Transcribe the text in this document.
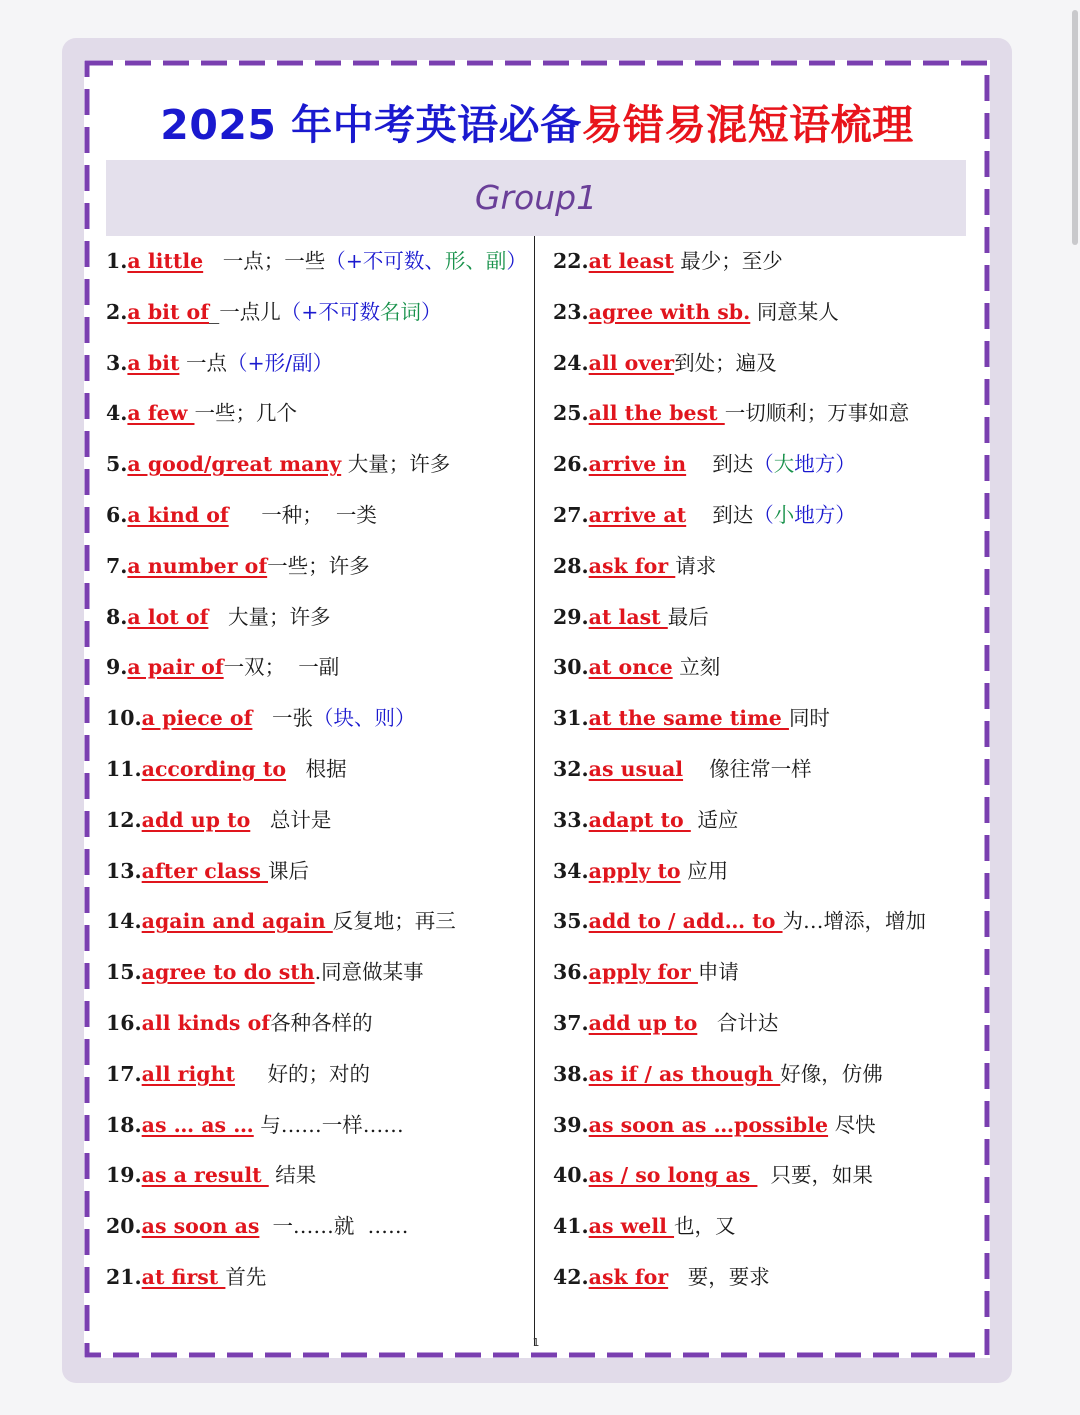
2025 年中考英语必备易错易混短语梳理
Group1
1.a little 一点；一些（+不可数、形、副）
2.a bit of_一点儿（+不可数名词）
3.a bit 一点（+形/副）
4.a few 一些；几个
5.a good/great many 大量；许多
6.a kind of 一种；  一类
7.a number of一些；许多
8.a lot of 大量；许多
9.a pair of一双；  一副
10.a piece of 一张（块、则）
11.according to 根据
12.add up to 总计是
13.after class 课后
14.again and again 反复地；再三
15.agree to do sth.同意做某事
16.all kinds of各种各样的
17.all right 好的；对的
18.as … as … 与……一样……
19.as a result  结果
20.as soon as 一……就  ……
21.at first 首先
22.at least 最少；至少
23.agree with sb. 同意某人
24.all over到处；遍及
25.all the best 一切顺利；万事如意
26.arrive in 到达（大地方）
27.arrive at 到达（小地方）
28.ask for 请求
29.at last 最后
30.at once 立刻
31.at the same time 同时
32.as usual 像往常一样
33.adapt to  适应
34.apply to 应用
35.add to / add… to 为…增添，增加
36.apply for 申请
37.add up to 合计达
38.as if / as though 好像，仿佛
39.as soon as …possible 尽快
40.as / so long as   只要，如果
41.as well 也，又
42.ask for 要，要求
1
